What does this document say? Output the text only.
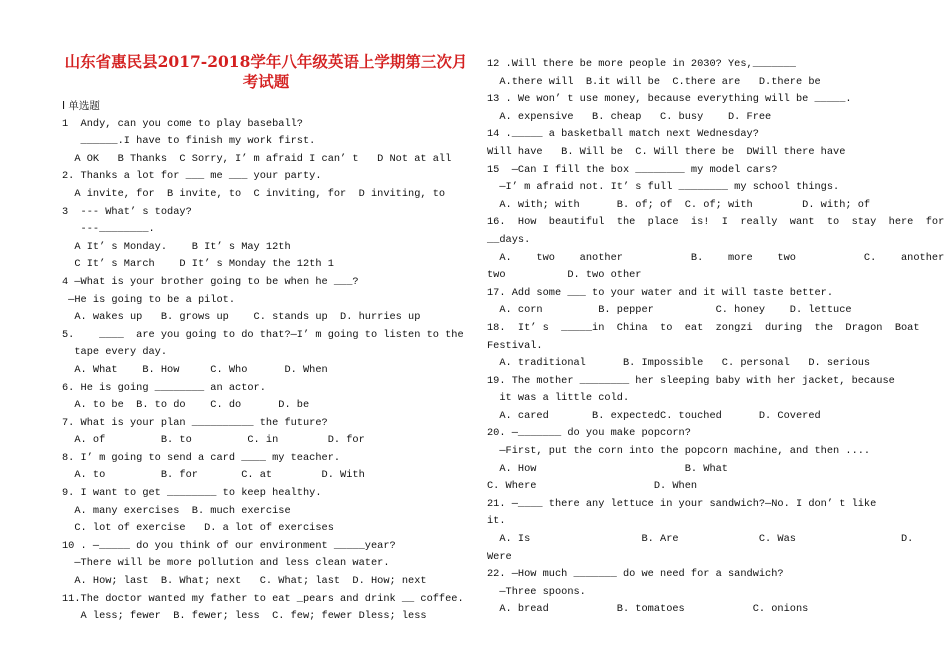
山东省惠民县2017-2018学年八年级英语上学期第三次月
考试题
Ⅰ 单选题
1  Andy, can you come to play baseball?
______.I have to finish my work first.
A OK   B Thanks  C Sorry, I’ m afraid I can’ t   D Not at all
2. Thanks a lot for ___ me ___ your party.
A invite, for  B invite, to  C inviting, for  D inviting, to
3  --- What’ s today?
---________.
A It’ s Monday.    B It’ s May 12th
C It’ s March    D It’ s Monday the 12th 1
4 —What is your brother going to be when he ___?
—He is going to be a pilot.
A. wakes up   B. grows up    C. stands up  D. hurries up
5.    ____  are you going to do that?—I’ m going to listen to the
tape every day.
A. What    B. How     C. Who      D. When
6. He is going ________ an actor.
A. to be  B. to do    C. do      D. be
7. What is your plan __________ the future?
A. of         B. to         C. in        D. for
8. I’ m going to send a card ____ my teacher.
A. to         B. for       C. at        D. With
9. I want to get ________ to keep healthy.
A. many exercises  B. much exercise
C. lot of exercise   D. a lot of exercises
10 . —_____ do you think of our environment _____year?
—There will be more pollution and less clean water.
A. How; last  B. What; next   C. What; last  D. How; next
11.The doctor wanted my father to eat _pears and drink __ coffee.
A less; fewer  B. fewer; less  C. few; fewer Dless; less
12 .Will there be more people in 2030? Yes,_______
A.there will  B.it will be  C.there are   D.there be
13 . We won’ t use money, because everything will be _____.
A. expensive   B. cheap   C. busy    D. Free
14 ._____ a basketball match next Wednesday?
Will have   B. Will be  C. Will there be  DWill there have
15  —Can I fill the box ________ my model cars?
—I’ m afraid not. It’ s full ________ my school things.
A. with; with      B. of; of  C. of; with        D. with; of
16.  How  beautiful  the  place  is!  I  really  want  to  stay  here  for
__days.
A.    two    another           B.    more    two           C.    another
two          D. two other
17. Add some ___ to your water and it will taste better.
A. corn         B. pepper          C. honey    D. lettuce
18.  It’ s  _____in  China  to  eat  zongzi  during  the  Dragon  Boat
Festival.
A. traditional      B. Impossible   C. personal   D. serious
19. The mother ________ her sleeping baby with her jacket, because
it was a little cold.
A. cared       B. expectedC. touched      D. Covered
20. —_______ do you make popcorn?
—First, put the corn into the popcorn machine, and then ....
A. How                        B. What
C. Where                   D. When
21. —____ there any lettuce in your sandwich?—No. I don’ t like
it.
A. Is                  B. Are             C. Was                 D.
Were
22. —How much _______ do we need for a sandwich?
—Three spoons.
A. bread           B. tomatoes           C. onions
